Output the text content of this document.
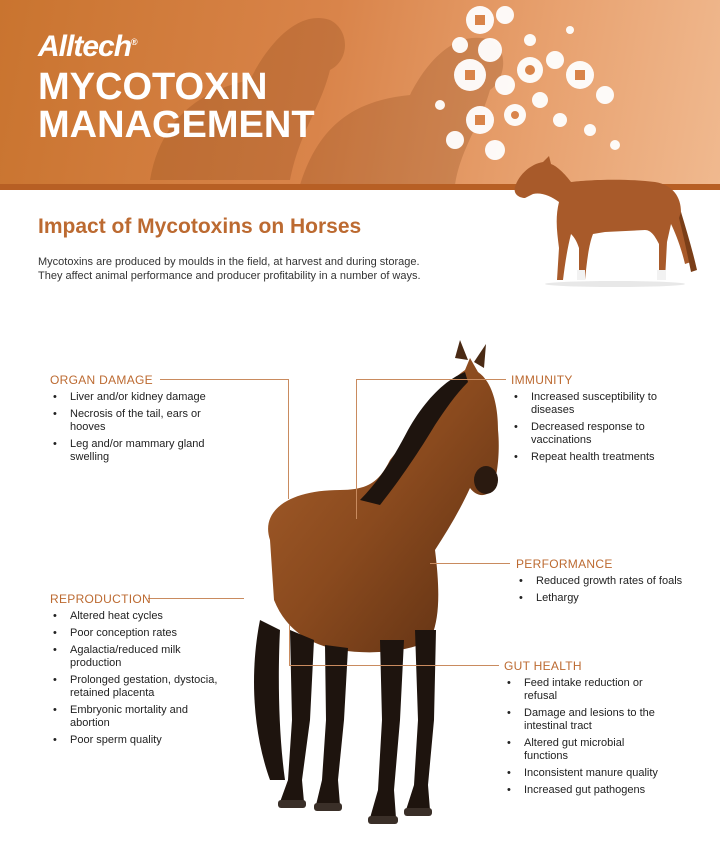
Alltech®
MYCOTOXIN
MANAGEMENT
Impact of Mycotoxins on Horses

Mycotoxins are produced by moulds in the field, at harvest and during storage.

They affect animal performance and producer profitability in a number of ways.

ORGAN DAMAGE
• Liver and/or kidney damage
• Necrosis of the tail, ears or hooves
• Leg and/or mammary gland swelling
IMMUNITY
• Increased susceptibility to diseases
• Decreased response to vaccinations
• Repeat health treatments
PERFORMANCE
• Reduced growth rates of foals
• Lethargy
REPRODUCTION
• Altered heat cycles
• Poor conception rates
• Agalactia/reduced milk production
• Prolonged gestation, dystocia, retained placenta
• Embryonic mortality and abortion
• Poor sperm quality
GUT HEALTH
• Feed intake reduction or refusal
• Damage and lesions to the intestinal tract
• Altered gut microbial functions
• Inconsistent manure quality
• Increased gut pathogens
